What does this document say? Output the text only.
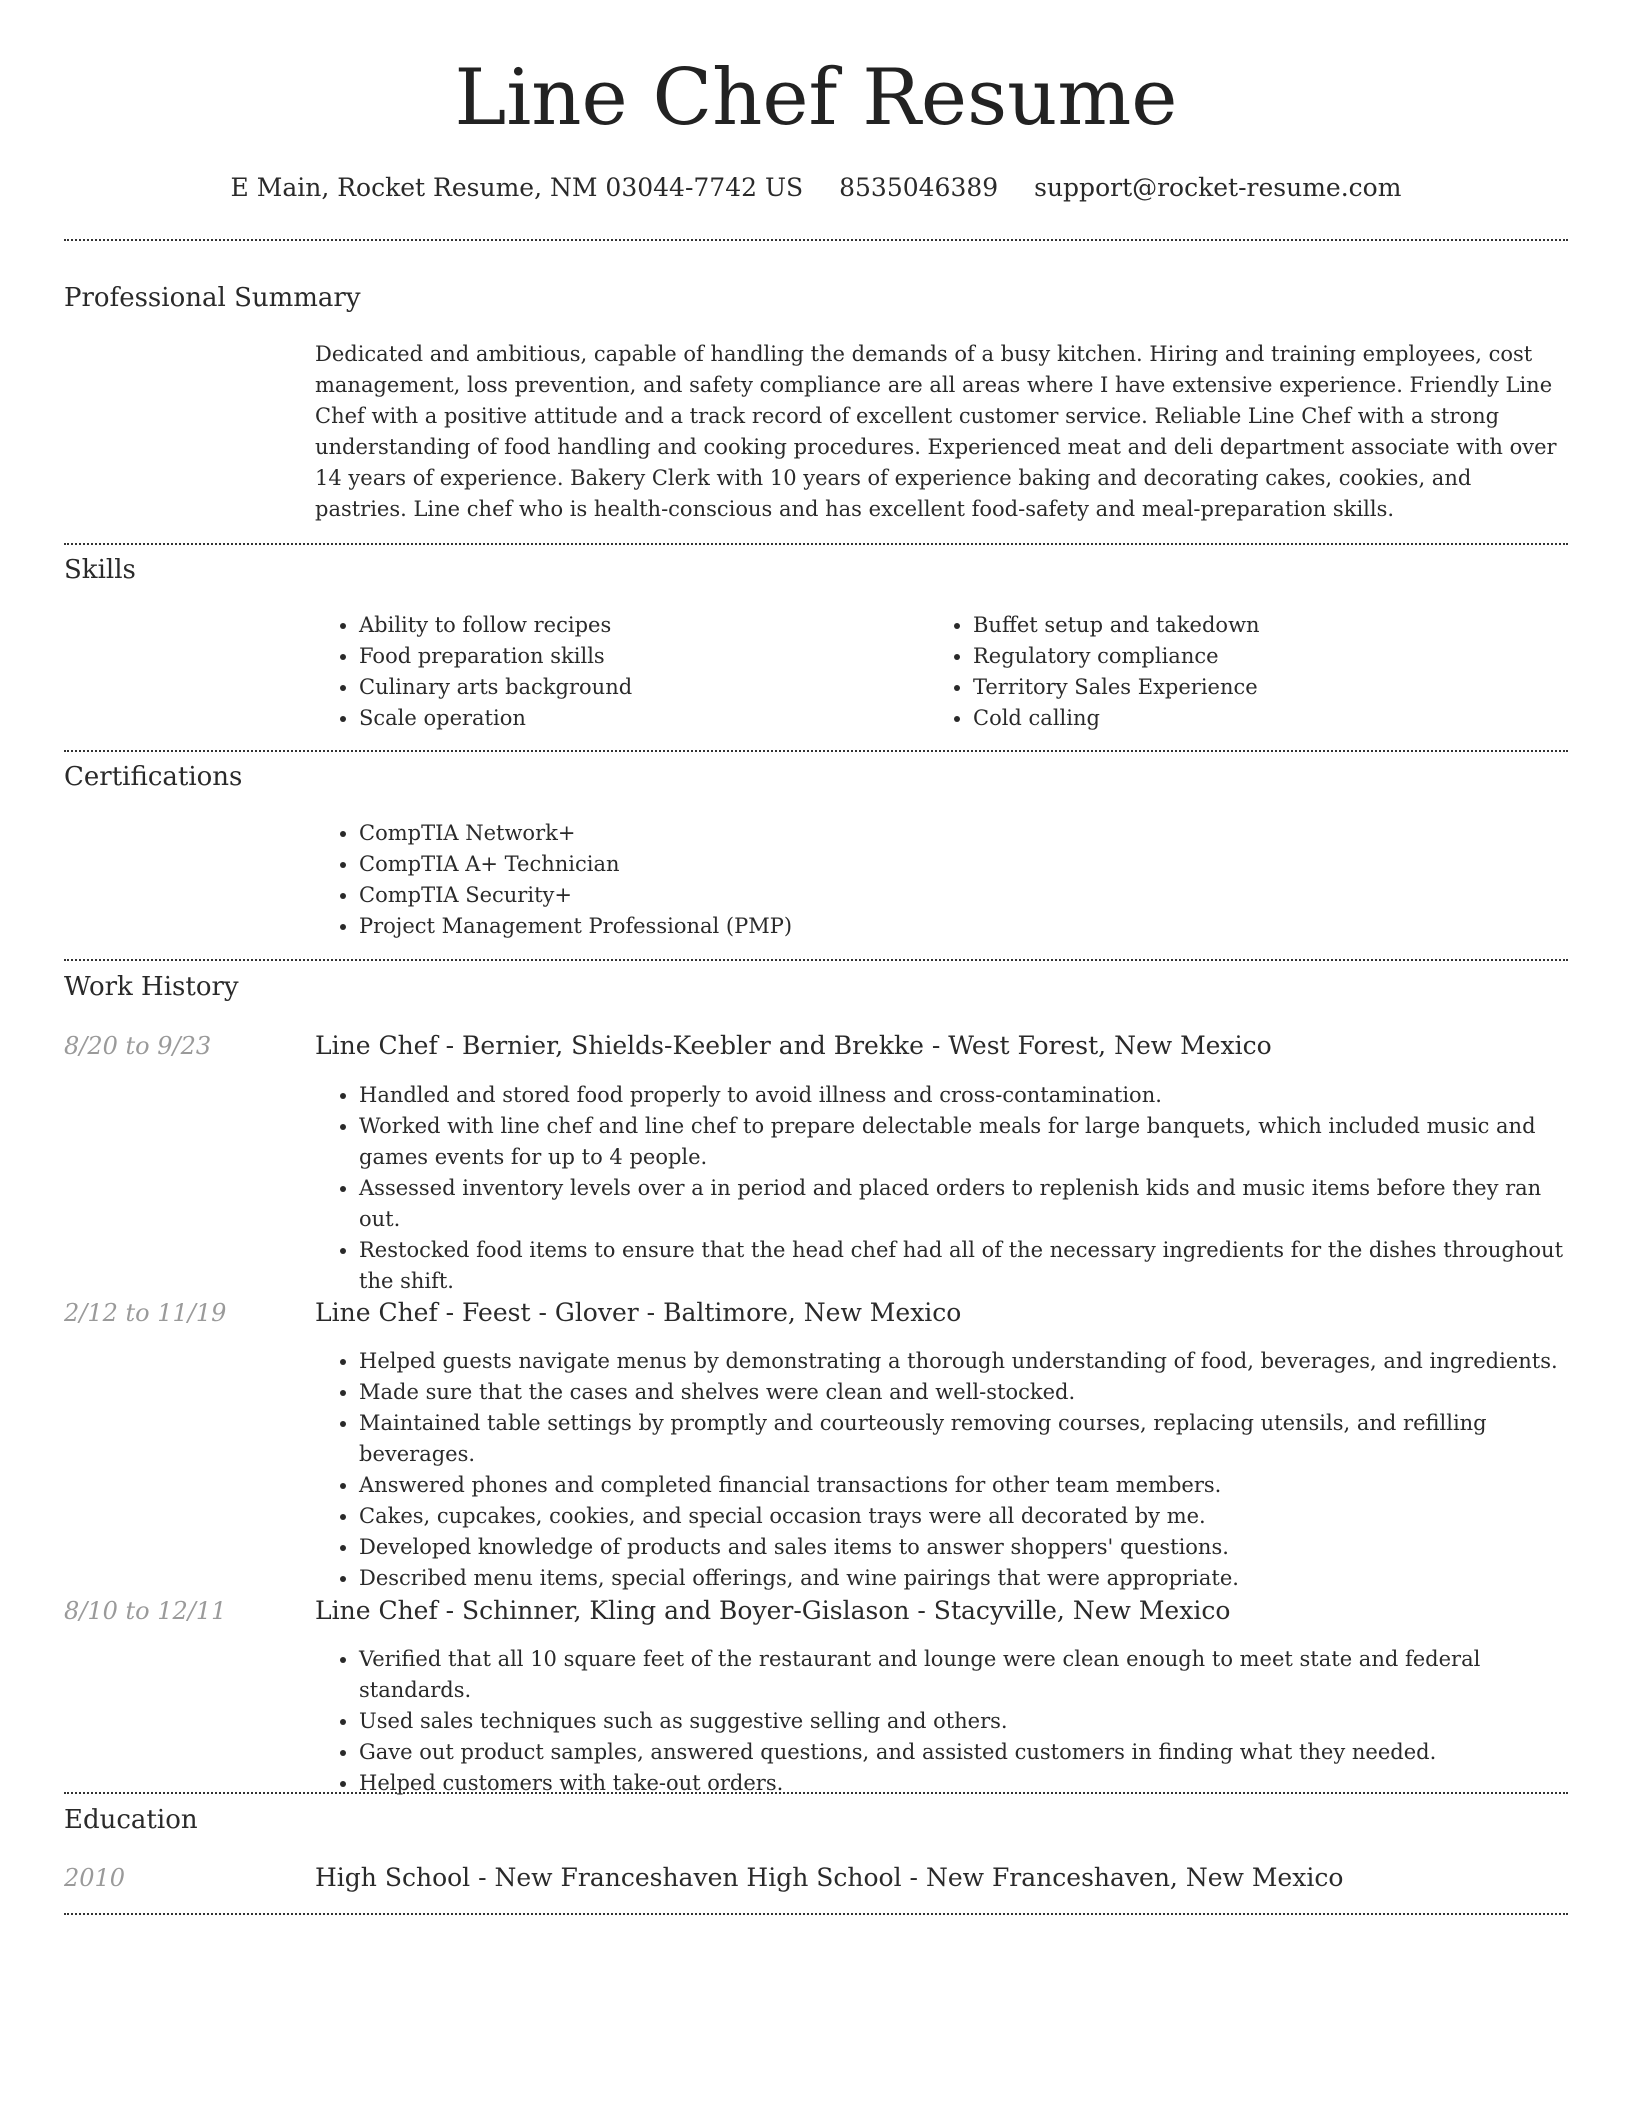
Line Chef Resume
E Main, Rocket Resume, NM 03044-7742 US 8535046389 support@rocket-resume.com
Professional Summary
Dedicated and ambitious, capable of handling the demands of a busy kitchen. Hiring and training employees, cost management, loss prevention, and safety compliance are all areas where I have extensive experience. Friendly Line Chef with a positive attitude and a track record of excellent customer service. Reliable Line Chef with a strong understanding of food handling and cooking procedures. Experienced meat and deli department associate with over 14 years of experience. Bakery Clerk with 10 years of experience baking and decorating cakes, cookies, and pastries. Line chef who is health-conscious and has excellent food-safety and meal-preparation skills.
Skills
• Ability to follow recipes
• Food preparation skills
• Culinary arts background
• Scale operation
• Buffet setup and takedown
• Regulatory compliance
• Territory Sales Experience
• Cold calling
Certifications
• CompTIA Network+
• CompTIA A+ Technician
• CompTIA Security+
• Project Management Professional (PMP)
Work History
8/20 to 9/23	Line Chef - Bernier, Shields-Keebler and Brekke - West Forest, New Mexico
• Handled and stored food properly to avoid illness and cross-contamination.
• Worked with line chef and line chef to prepare delectable meals for large banquets, which included music and games events for up to 4 people.
• Assessed inventory levels over a in period and placed orders to replenish kids and music items before they ran out.
• Restocked food items to ensure that the head chef had all of the necessary ingredients for the dishes throughout the shift.
2/12 to 11/19	Line Chef - Feest - Glover - Baltimore, New Mexico
• Helped guests navigate menus by demonstrating a thorough understanding of food, beverages, and ingredients.
• Made sure that the cases and shelves were clean and well-stocked.
• Maintained table settings by promptly and courteously removing courses, replacing utensils, and refilling beverages.
• Answered phones and completed financial transactions for other team members.
• Cakes, cupcakes, cookies, and special occasion trays were all decorated by me.
• Developed knowledge of products and sales items to answer shoppers' questions.
• Described menu items, special offerings, and wine pairings that were appropriate.
8/10 to 12/11	Line Chef - Schinner, Kling and Boyer-Gislason - Stacyville, New Mexico
• Verified that all 10 square feet of the restaurant and lounge were clean enough to meet state and federal standards.
• Used sales techniques such as suggestive selling and others.
• Gave out product samples, answered questions, and assisted customers in finding what they needed.
• Helped customers with take-out orders.
Education
2010	High School - New Franceshaven High School - New Franceshaven, New Mexico
